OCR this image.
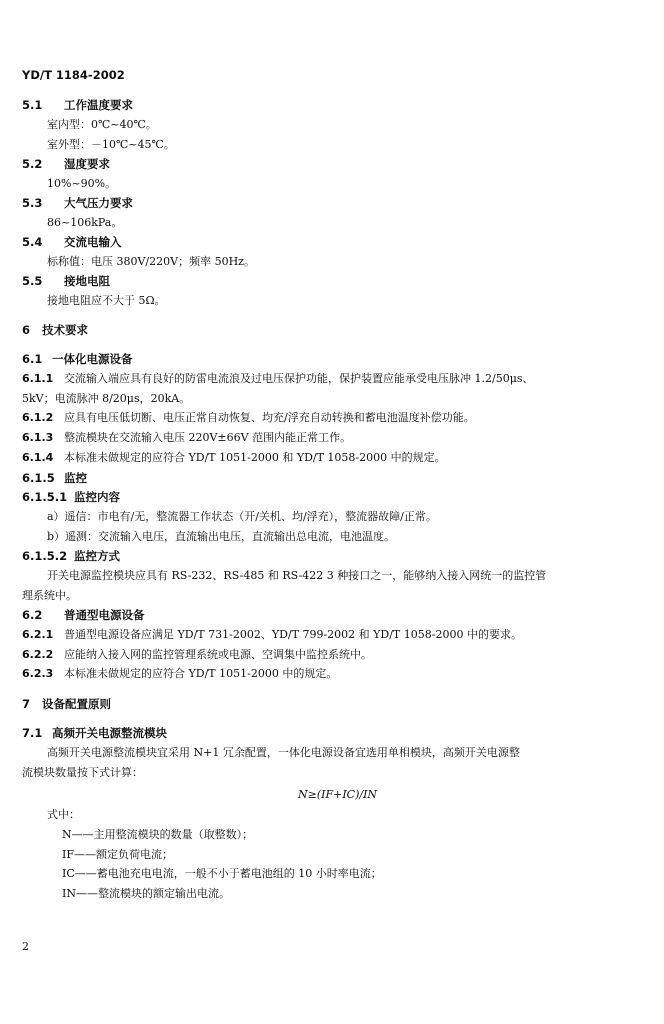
YD/T 1184-2002
5.1 工作温度要求
室内型：0℃~40℃。
室外型：－10℃~45℃。
5.2 湿度要求
10%~90%。
5.3 大气压力要求
86~106kPa。
5.4 交流电输入
标称值：电压 380V/220V；频率 50Hz。
5.5 接地电阻
接地电阻应不大于 5Ω。
6 技术要求
6.1 一体化电源设备
6.1.1 交流输入端应具有良好的防雷电流浪及过电压保护功能，保护装置应能承受电压脉冲 1.2/50μs、
5kV；电流脉冲 8/20μs，20kA。
6.1.2 应具有电压低切断、电压正常自动恢复、均充/浮充自动转换和蓄电池温度补偿功能。
6.1.3 整流模块在交流输入电压 220V±66V 范围内能正常工作。
6.1.4 本标准未做规定的应符合 YD/T 1051-2000 和 YD/T 1058-2000 中的规定。
6.1.5 监控
6.1.5.1 监控内容
a）遥信：市电有/无，整流器工作状态（开/关机、均/浮充），整流器故障/正常。
b）遥测：交流输入电压，直流输出电压，直流输出总电流，电池温度。
6.1.5.2 监控方式
开关电源监控模块应具有 RS-232、RS-485 和 RS-422 3 种接口之一，能够纳入接入网统一的监控管
理系统中。
6.2 普通型电源设备
6.2.1 普通型电源设备应满足 YD/T 731-2002、YD/T 799-2002 和 YD/T 1058-2000 中的要求。
6.2.2 应能纳入接入网的监控管理系统或电源、空调集中监控系统中。
6.2.3 本标准未做规定的应符合 YD/T 1051-2000 中的规定。
7 设备配置原则
7.1 高频开关电源整流模块
高频开关电源整流模块宜采用 N+1 冗余配置，一体化电源设备宜选用单相模块，高频开关电源整
流模块数量按下式计算：
N≥(IF+IC)/IN
式中：
N——主用整流模块的数量（取整数）；
IF——额定负荷电流；
IC——蓄电池充电电流，一般不小于蓄电池组的 10 小时率电流；
IN——整流模块的额定输出电流。
2
